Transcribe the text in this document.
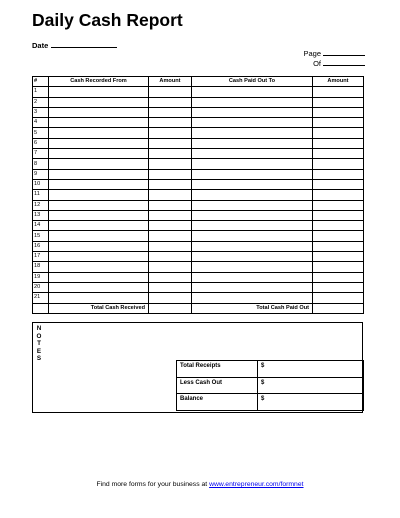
Daily Cash Report
Date
Page
Of
#	Cash Recorded From	Amount	Cash Paid Out To	Amount
1				
2				
3				
4				
5				
6				
7				
8				
9				
10				
11				
12				
13				
14				
15				
16				
17				
18				
19				
20				
21				
	Total Cash Received		Total Cash Paid Out	
N
O
T
E
S
Total Receipts	$
Less Cash Out	$
Balance	$
Find more forms for your business at www.entrepreneur.com/formnet
